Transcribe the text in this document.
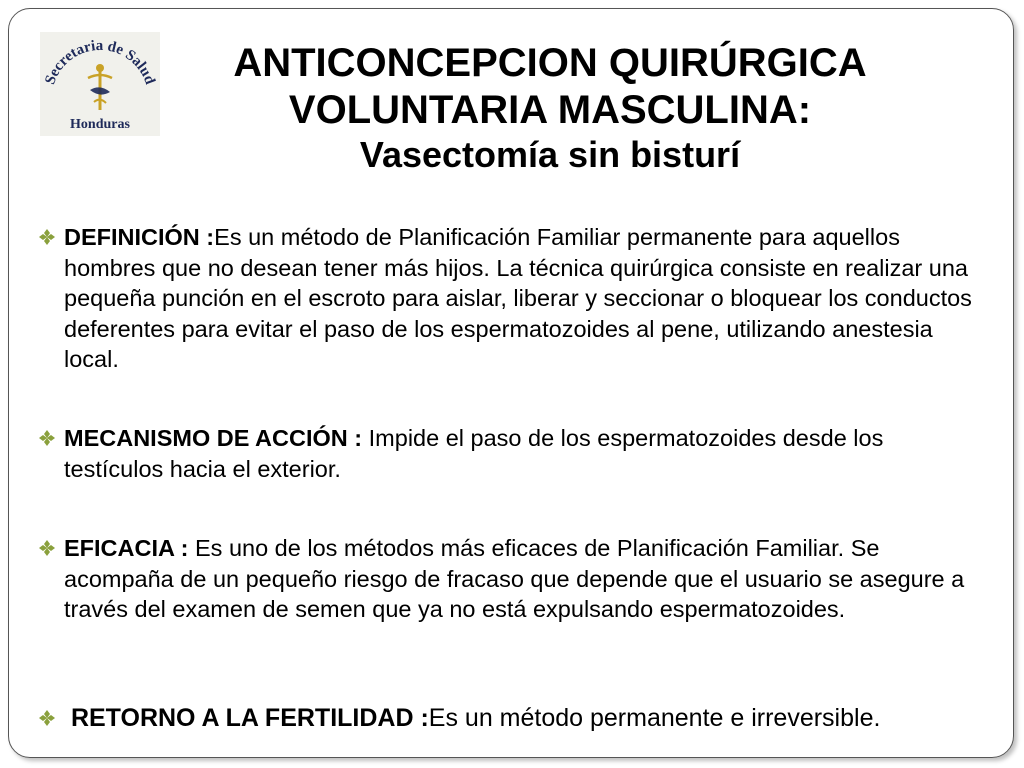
Secretaria de Salud
Honduras
ANTICONCEPCION QUIRÚRGICA
VOLUNTARIA MASCULINA:
Vasectomía sin bisturí
DEFINICIÓN :Es un método de Planificación Familiar permanente para aquellos hombres que no desean tener más hijos. La técnica quirúrgica consiste en realizar una pequeña punción en el escroto para aislar, liberar y seccionar o bloquear los conductos deferentes para evitar el paso de los espermatozoides al pene, utilizando anestesia local.
MECANISMO DE ACCIÓN : Impide el paso de los espermatozoides desde los testículos hacia el exterior.
EFICACIA : Es uno de los métodos más eficaces de Planificación Familiar. Se acompaña de un pequeño riesgo de fracaso que depende que el usuario se asegure a través del examen de semen que ya no está expulsando espermatozoides.
RETORNO A LA FERTILIDAD :Es un método permanente e irreversible.
